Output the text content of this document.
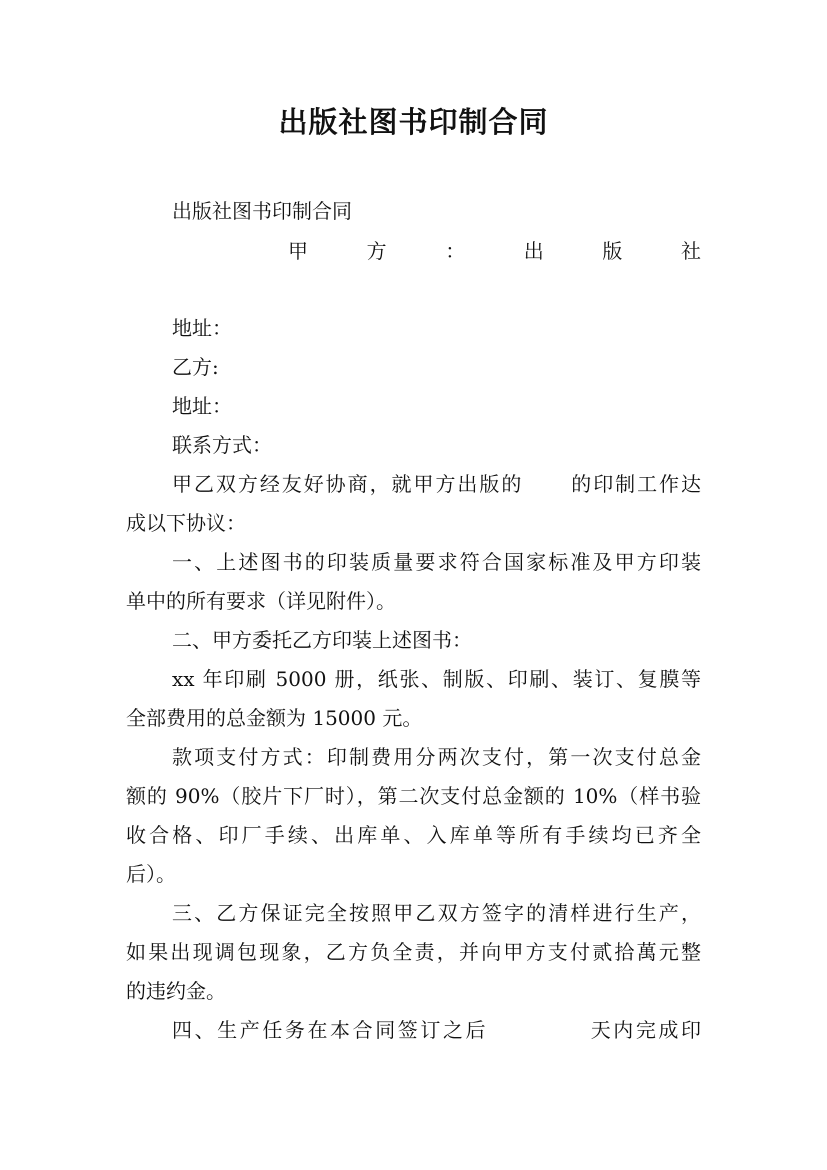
出版社图书印制合同

出版社图书印制合同

甲	方	：	出	版	社

地址：

乙方:

地址：

联系方式：

甲乙双方经友好协商，就甲方出版的 的印制工作达

成以下协议：

一、上述图书的印装质量要求符合国家标准及甲方印装

单中的所有要求（详见附件）。

二、甲方委托乙方印装上述图书：

xx 年印刷 5000 册，纸张、制版、印刷、装订、复膜等

全部费用的总金额为 15000 元。

款项支付方式：印制费用分两次支付，第一次支付总金

额的 90%（胶片下厂时），第二次支付总金额的 10%（样书验

收合格、印厂手续、出库单、入库单等所有手续均已齐全

后）。

三、乙方保证完全按照甲乙双方签字的清样进行生产，

如果出现调包现象，乙方负全责，并向甲方支付贰拾萬元整

的违约金。

四、生产任务在本合同签订之后	天内完成印
